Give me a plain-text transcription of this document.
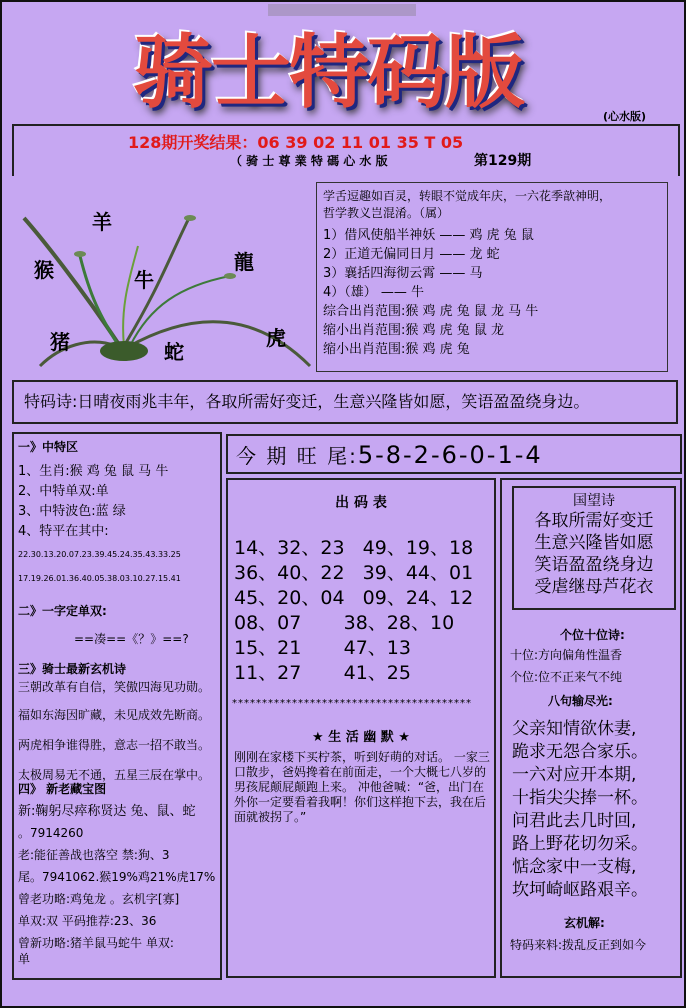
骑士特码版	(心水版)
128期开奖结果：06 39 02 11 01 35 T 05
（ 骑 士 尊 業 特 碼 心 水 版	第129期
羊
猴	龍
牛
猪	蛇
虎
学舌逗趣如百灵，转眼不觉成年庆，一六花季歆神明，
哲学教义岂混淆。（属）
1）借风使船半神妖 —— 鸡 虎 兔 鼠
2）正道无偏同日月 —— 龙 蛇
3）襄括四海彻云霄 —— 马
4）（雄） —— 牛
综合出肖范围:猴 鸡 虎 兔 鼠 龙 马 牛
缩小出肖范围:猴 鸡 虎 兔 鼠 龙
缩小出肖范围:猴 鸡 虎 兔
特码诗:日晴夜雨兆丰年，各取所需好变迁，生意兴隆皆如愿，笑语盈盈绕身边。
一》中特区
1、生肖:猴 鸡 兔 鼠 马 牛
2、中特单双:单
3、中特波色:蓝 绿
4、特平在其中:
22.30.13.20.07.23.39.45.24.35.43.33.25
17.19.26.01.36.40.05.38.03.10.27.15.41
二》一字定单双:
==凑==《？》==?
三》骑士最新玄机诗
三朝改革有自信，笑傲四海见功勋。
福如东海因旷藏，未见成效先断商。
两虎相争谁得胜，意志一招不敢当。
太极周易无不通，五星三辰在掌中。
四》 新老藏宝图
新:鞠躬尽瘁称贤达 兔、鼠、蛇
。7914260
老:能征善战也落空 禁:狗、3
尾。7941062.猴19%鸡21%虎17%
曾老功略:鸡兔龙 。玄机字[寡]
单双:双 平码推荐:23、36
曾新功略:猪羊鼠马蛇牛 单双:
单
今 期 旺 尾:5-8-2-6-0-1-4
出 码 表
14、32、23   49、19、18
36、40、22   39、44、01
45、20、04   09、24、12
08、07       38、28、10
15、21       47、13
11、27       41、25
****************************************
★ 生 活 幽 默 ★
刚刚在家楼下买柠茶，听到好萌的对话。 一家三口散步，爸妈搀着在前面走，一个大概七八岁的男孩屁颠屁颠跑上来。 冲他爸喊：“爸，出门在外你一定要看着我啊！你们这样抱下去，我在后面就被拐了。”
国望诗
各取所需好变迁
生意兴隆皆如愿
笑语盈盈绕身边
受虐继母芦花衣
个位十位诗:
十位:方向偏角性温香
个位:位不正来气不纯
八句输尽光:
父亲知情欲休妻,
跪求无怨合家乐。
一六对应开本期,
十指尖尖捧一杯。
问君此去几时回,
路上野花切勿采。
惦念家中一支梅,
坎坷崎岖路艰辛。
玄机解:
特码来料:拨乱反正到如今
